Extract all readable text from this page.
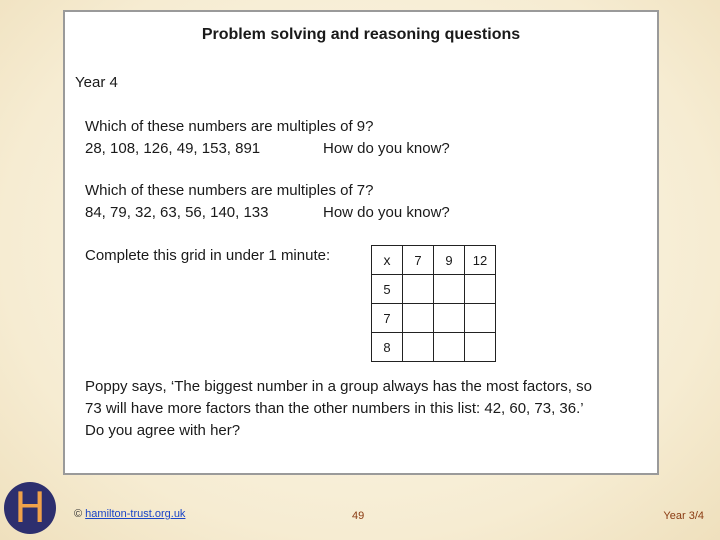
Problem solving and reasoning questions
Year 4
Which of these numbers are multiples of 9?
28, 108, 126, 49, 153, 891	How do you know?
Which of these numbers are multiples of 7?
84, 79, 32, 63, 56, 140, 133	How do you know?
Complete this grid in under 1 minute:	x	7	9	12
5			
7			
8			
Poppy says, ‘The biggest number in a group always has the most factors, so
73 will have more factors than the other numbers in this list: 42, 60, 73, 36.’
Do you agree with her?
H	© hamilton-trust.org.uk	49	Year 3/4
